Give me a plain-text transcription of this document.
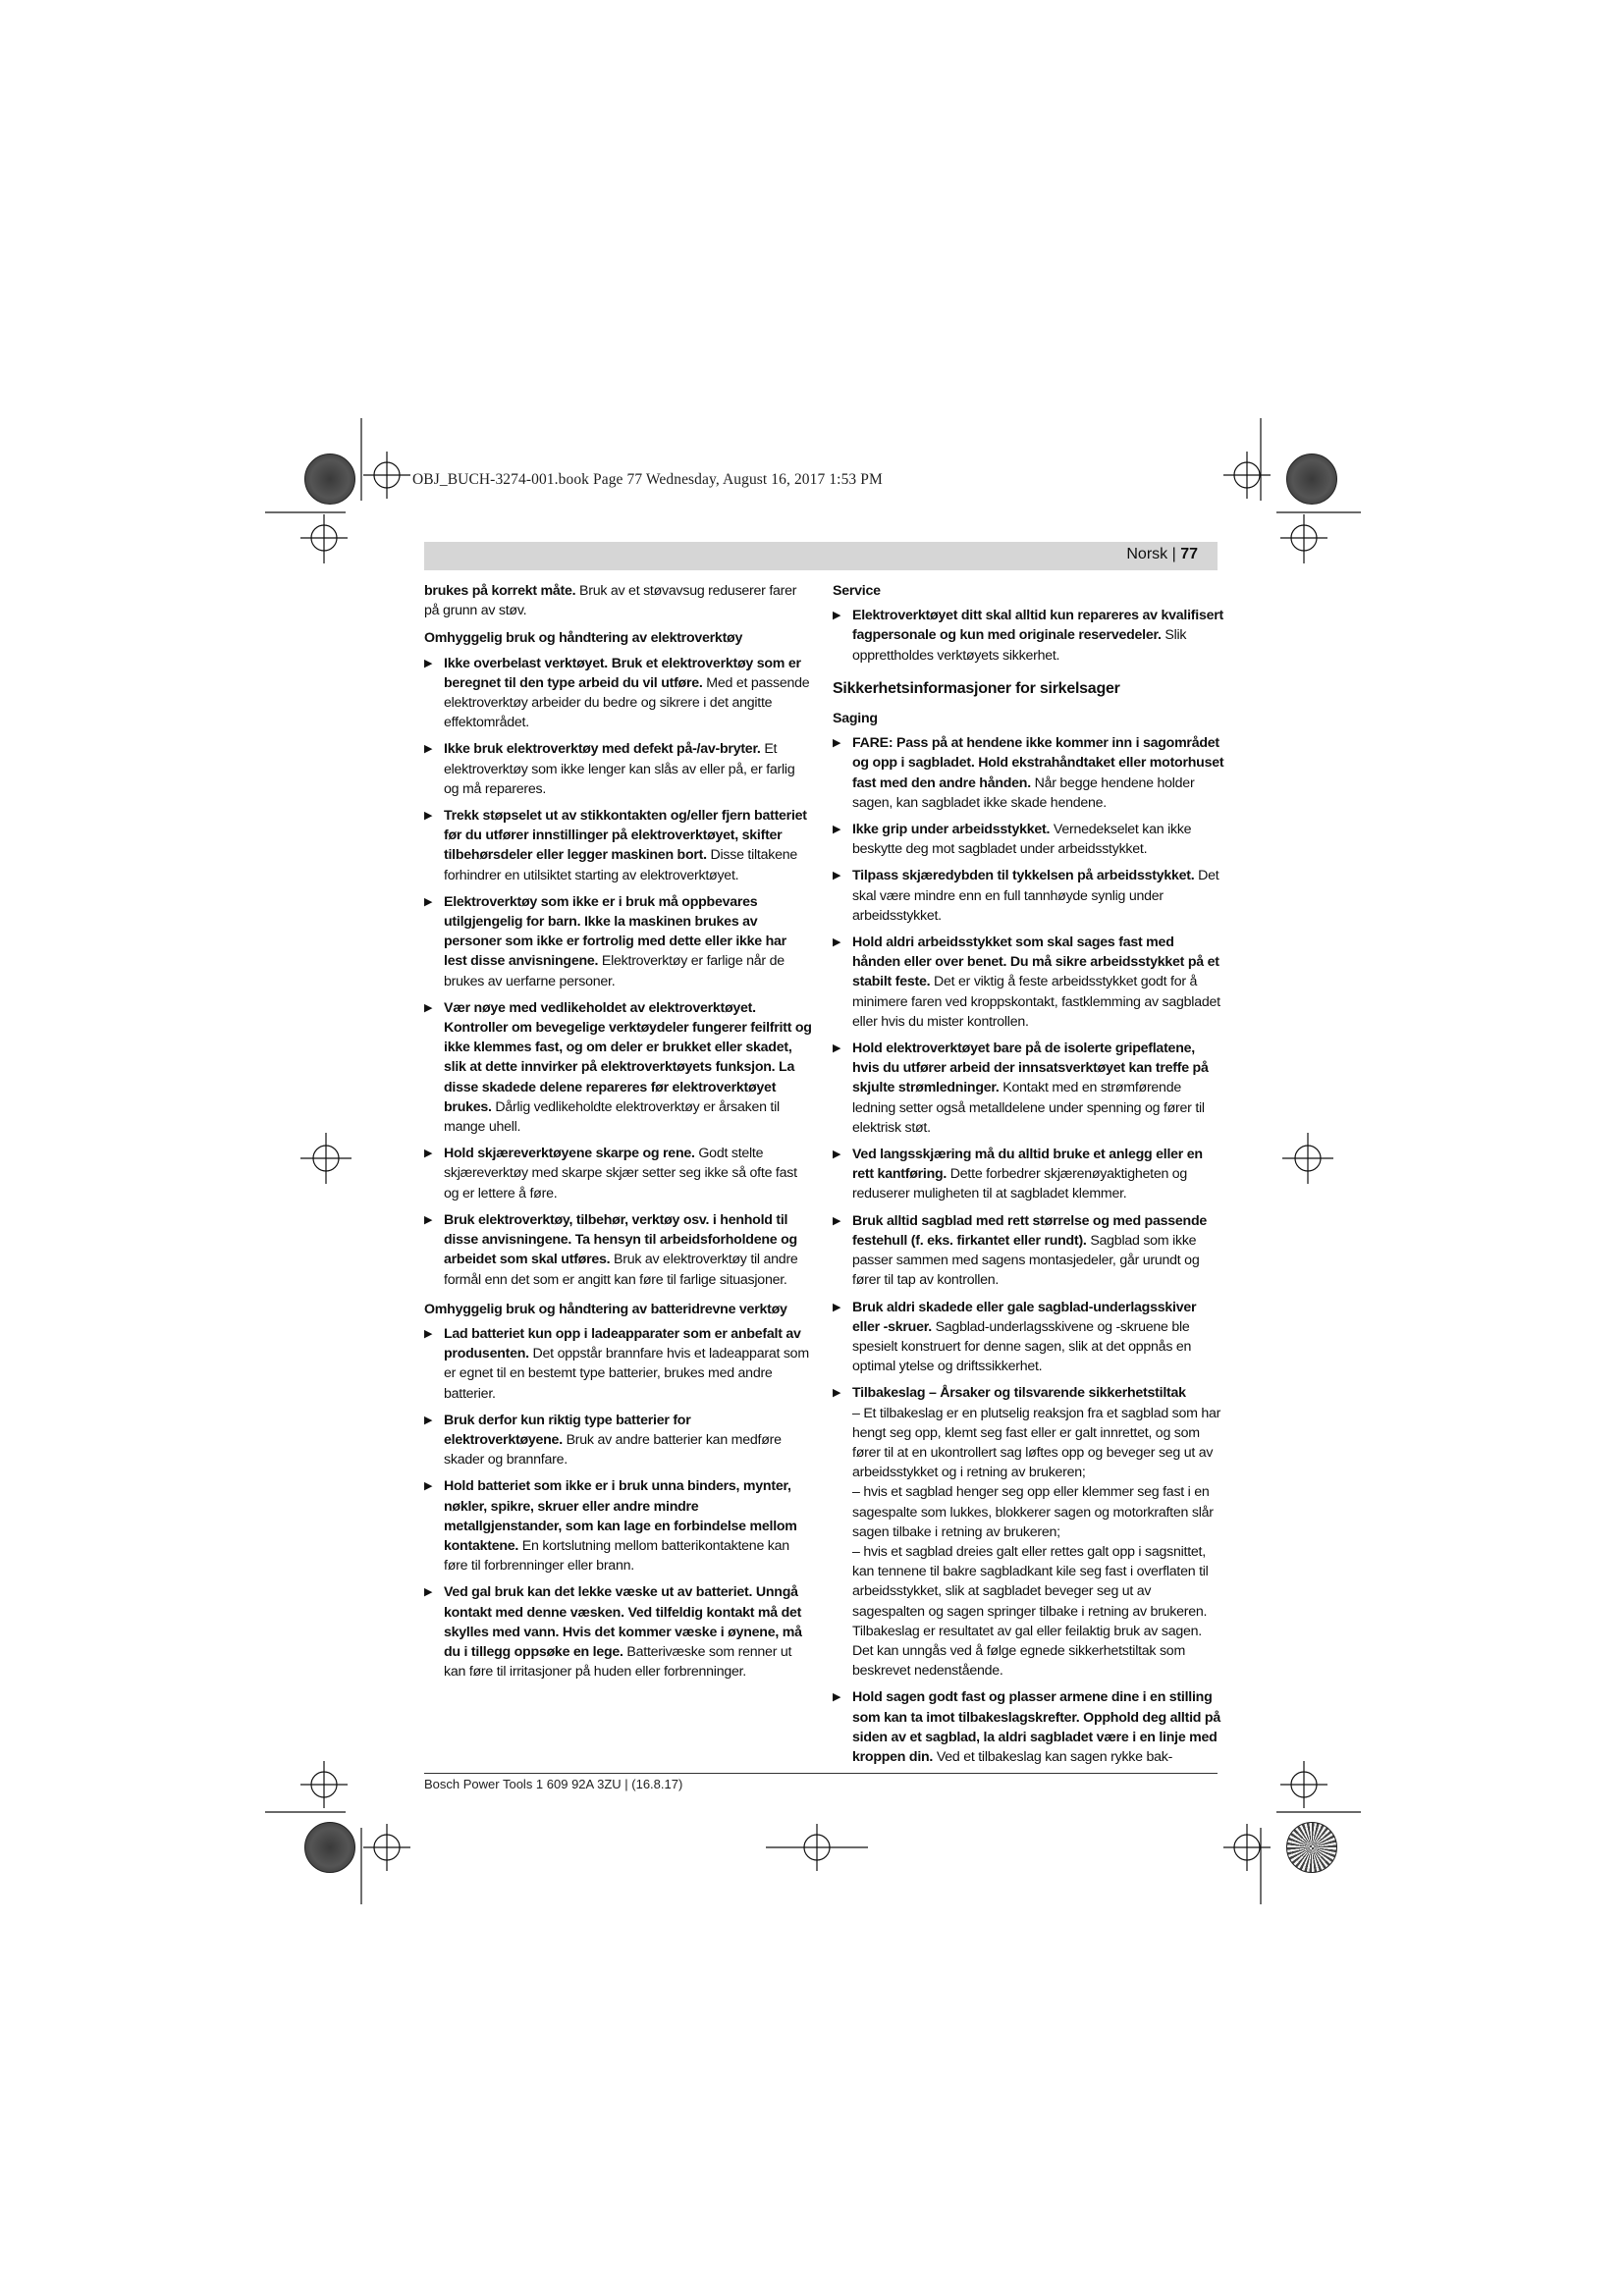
OBJ_BUCH-3274-001.book Page 77 Wednesday, August 16, 2017 1:53 PM
Norsk | 77

brukes på korrekt måte. Bruk av et støvavsug reduserer farer på grunn av støv.

Omhyggelig bruk og håndtering av elektroverktøy
▶ Ikke overbelast verktøyet. Bruk et elektroverktøy som er beregnet til den type arbeid du vil utføre. Med et passende elektroverktøy arbeider du bedre og sikrere i det angitte effektområdet.
▶ Ikke bruk elektroverktøy med defekt på-/av-bryter. Et elektroverktøy som ikke lenger kan slås av eller på, er farlig og må repareres.
▶ Trekk støpselet ut av stikkontakten og/eller fjern batteriet før du utfører innstillinger på elektroverktøyet, skifter tilbehørsdeler eller legger maskinen bort. Disse tiltakene forhindrer en utilsiktet starting av elektroverktøyet.
▶ Elektroverktøy som ikke er i bruk må oppbevares utilgjengelig for barn. Ikke la maskinen brukes av personer som ikke er fortrolig med dette eller ikke har lest disse anvisningene. Elektroverktøy er farlige når de brukes av uerfarne personer.
▶ Vær nøye med vedlikeholdet av elektroverktøyet. Kontroller om bevegelige verktøydeler fungerer feilfritt og ikke klemmes fast, og om deler er brukket eller skadet, slik at dette innvirker på elektroverktøyets funksjon. La disse skadede delene repareres før elektroverktøyet brukes. Dårlig vedlikeholdte elektroverktøy er årsaken til mange uhell.
▶ Hold skjæreverktøyene skarpe og rene. Godt stelte skjæreverktøy med skarpe skjær setter seg ikke så ofte fast og er lettere å føre.
▶ Bruk elektroverktøy, tilbehør, verktøy osv. i henhold til disse anvisningene. Ta hensyn til arbeidsforholdene og arbeidet som skal utføres. Bruk av elektroverktøy til andre formål enn det som er angitt kan føre til farlige situasjoner.
Omhyggelig bruk og håndtering av batteridrevne verktøy
▶ Lad batteriet kun opp i ladeapparater som er anbefalt av produsenten. Det oppstår brannfare hvis et ladeapparat som er egnet til en bestemt type batterier, brukes med andre batterier.
▶ Bruk derfor kun riktig type batterier for elektroverktøyene. Bruk av andre batterier kan medføre skader og brannfare.
▶ Hold batteriet som ikke er i bruk unna binders, mynter, nøkler, spikre, skruer eller andre mindre metallgjenstander, som kan lage en forbindelse mellom kontaktene. En kortslutning mellom batterikontaktene kan føre til forbrenninger eller brann.
▶ Ved gal bruk kan det lekke væske ut av batteriet. Unngå kontakt med denne væsken. Ved tilfeldig kontakt må det skylles med vann. Hvis det kommer væske i øynene, må du i tillegg oppsøke en lege. Batterivæske som renner ut kan føre til irritasjoner på huden eller forbrenninger.
Service
▶ Elektroverktøyet ditt skal alltid kun repareres av kvalifisert fagpersonale og kun med originale reservedeler. Slik opprettholdes verktøyets sikkerhet.
Sikkerhetsinformasjoner for sirkelsager
Saging
▶ FARE: Pass på at hendene ikke kommer inn i sagområdet og opp i sagbladet. Hold ekstrahåndtaket eller motorhuset fast med den andre hånden. Når begge hendene holder sagen, kan sagbladet ikke skade hendene.
▶ Ikke grip under arbeidsstykket. Vernedekselet kan ikke beskytte deg mot sagbladet under arbeidsstykket.
▶ Tilpass skjæredybden til tykkelsen på arbeidsstykket. Det skal være mindre enn en full tannhøyde synlig under arbeidsstykket.
▶ Hold aldri arbeidsstykket som skal sages fast med hånden eller over benet. Du må sikre arbeidsstykket på et stabilt feste. Det er viktig å feste arbeidsstykket godt for å minimere faren ved kroppskontakt, fastklemming av sagbladet eller hvis du mister kontrollen.
▶ Hold elektroverktøyet bare på de isolerte gripeflatene, hvis du utfører arbeid der innsatsverktøyet kan treffe på skjulte strømledninger. Kontakt med en strømførende ledning setter også metalldelene under spenning og fører til elektrisk støt.
▶ Ved langsskjæring må du alltid bruke et anlegg eller en rett kantføring. Dette forbedrer skjærenøyaktigheten og reduserer muligheten til at sagbladet klemmer.
▶ Bruk alltid sagblad med rett størrelse og med passende festehull (f. eks. firkantet eller rundt). Sagblad som ikke passer sammen med sagens montasjedeler, går urundt og fører til tap av kontrollen.
▶ Bruk aldri skadede eller gale sagblad-underlagsskiver eller -skruer. Sagblad-underlagsskivene og -skruene ble spesielt konstruert for denne sagen, slik at det oppnås en optimal ytelse og driftssikkerhet.
▶ Tilbakeslag – Årsaker og tilsvarende sikkerhetstiltak
– Et tilbakeslag er en plutselig reaksjon fra et sagblad som har hengt seg opp, klemt seg fast eller er galt innrettet, og som fører til at en ukontrollert sag løftes opp og beveger seg ut av arbeidsstykket og i retning av brukeren;
– hvis et sagblad henger seg opp eller klemmer seg fast i en sagespalte som lukkes, blokkerer sagen og motorkraften slår sagen tilbake i retning av brukeren;
– hvis et sagblad dreies galt eller rettes galt opp i sagsnittet, kan tennene til bakre sagbladkant kile seg fast i overflaten til arbeidsstykket, slik at sagbladet beveger seg ut av sagespalten og sagen springer tilbake i retning av brukeren.
Tilbakeslag er resultatet av gal eller feilaktig bruk av sagen. Det kan unngås ved å følge egnede sikkerhetstiltak som beskrevet nedenstående.
▶ Hold sagen godt fast og plasser armene dine i en stilling som kan ta imot tilbakeslagskrefter. Opphold deg alltid på siden av et sagblad, la aldri sagbladet være i en linje med kroppen din. Ved et tilbakeslag kan sagen rykke bak-
Bosch Power Tools 1 609 92A 3ZU | (16.8.17)
